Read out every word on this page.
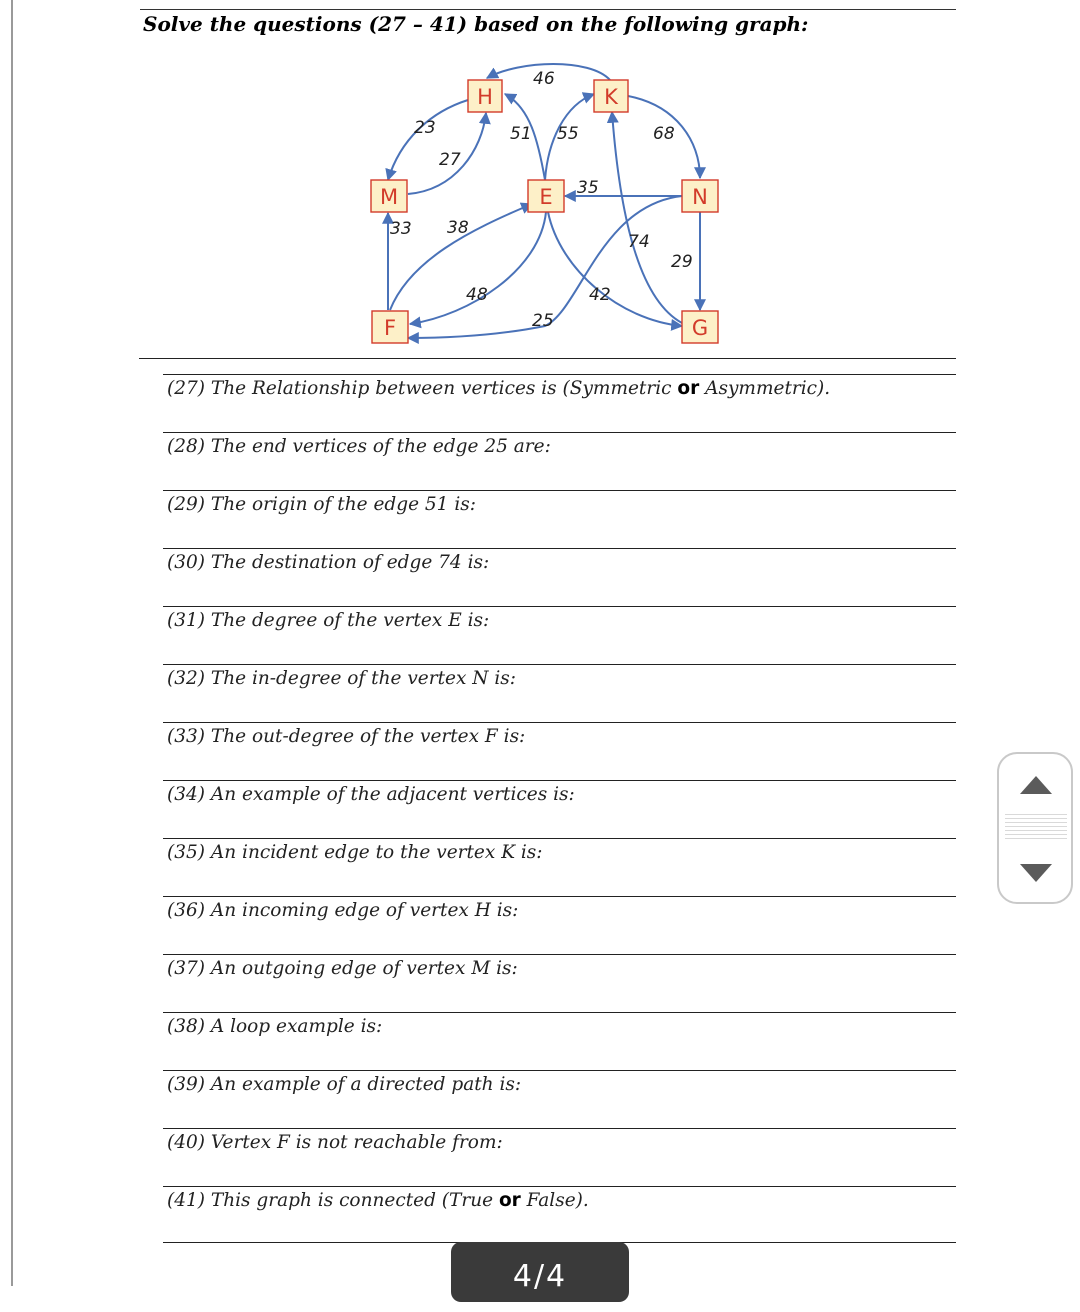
Solve the questions (27 – 41) based on the following graph:

H	K
M	E	N
F	G
46
23
27
51 55	68
35
33 38
74
29
48	42
25

(27) The Relationship between vertices is (Symmetric or Asymmetric).

(28) The end vertices of the edge 25 are:

(29) The origin of the edge 51 is:

(30) The destination of edge 74 is:

(31) The degree of the vertex E is:

(32) The in-degree of the vertex N is:

(33) The out-degree of the vertex F is:

(34) An example of the adjacent vertices is:

(35) An incident edge to the vertex K is:

(36) An incoming edge of vertex H is:

(37) An outgoing edge of vertex M is:

(38) A loop example is:

(39) An example of a directed path is:

(40) Vertex F is not reachable from:

(41) This graph is connected (True or False).

4/4
